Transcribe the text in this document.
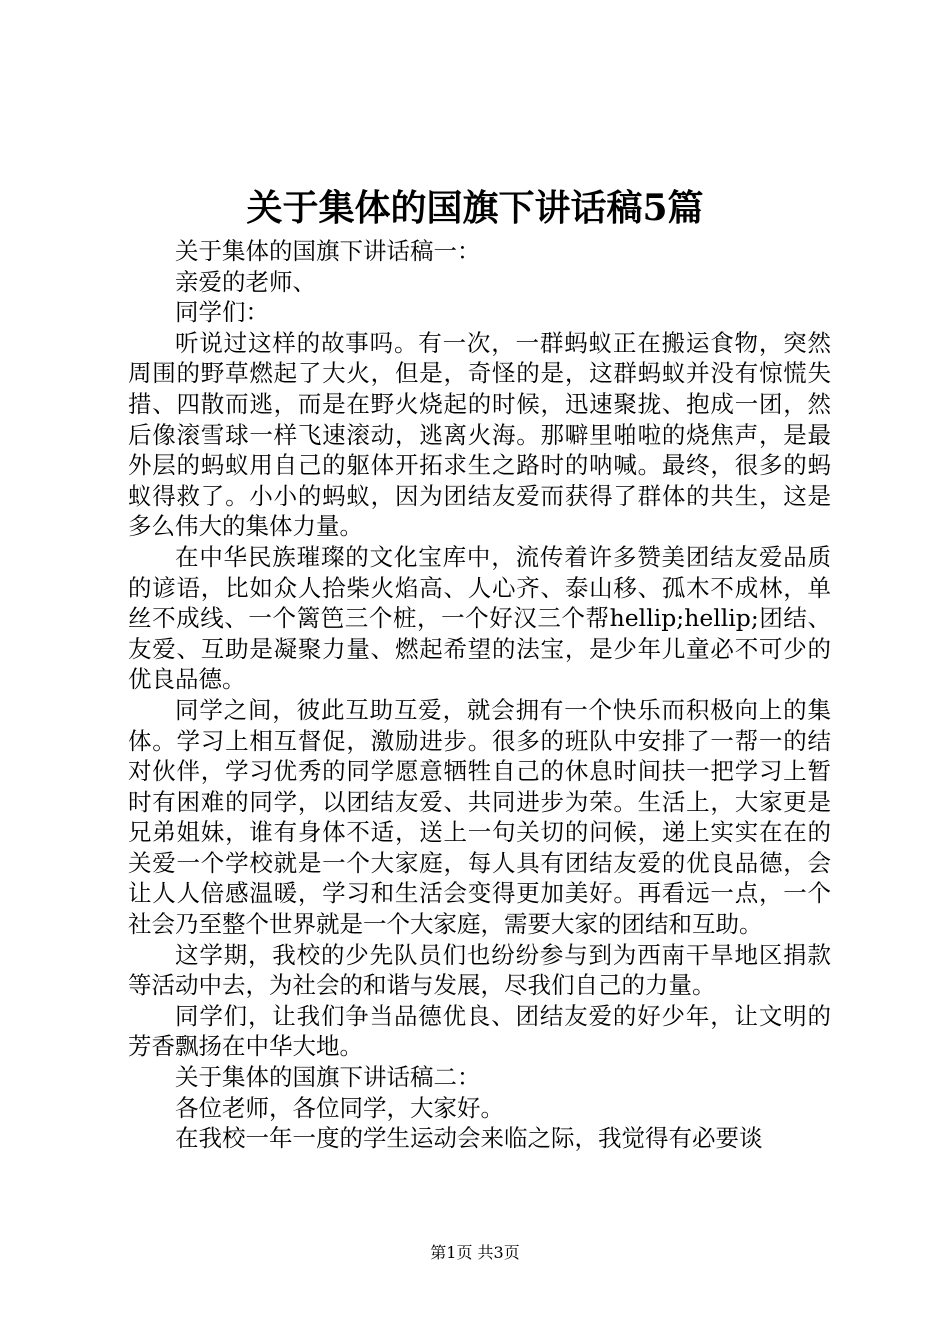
关于集体的国旗下讲话稿5篇

关于集体的国旗下讲话稿一：

亲爱的老师、

同学们：

听说过这样的故事吗。有一次，一群蚂蚁正在搬运食物，突然周围的野草燃起了大火，但是，奇怪的是，这群蚂蚁并没有惊慌失措、四散而逃，而是在野火烧起的时候，迅速聚拢、抱成一团，然后像滚雪球一样飞速滚动，逃离火海。那噼里啪啦的烧焦声，是最外层的蚂蚁用自己的躯体开拓求生之路时的呐喊。最终，很多的蚂蚁得救了。小小的蚂蚁，因为团结友爱而获得了群体的共生，这是多么伟大的集体力量。

在中华民族璀璨的文化宝库中，流传着许多赞美团结友爱品质的谚语，比如众人拾柴火焰高、人心齐、泰山移、孤木不成林，单丝不成线、一个篱笆三个桩，一个好汉三个帮hellip;hellip;团结、友爱、互助是凝聚力量、燃起希望的法宝，是少年儿童必不可少的优良品德。

同学之间，彼此互助互爱，就会拥有一个快乐而积极向上的集体。学习上相互督促，激励进步。很多的班队中安排了一帮一的结对伙伴，学习优秀的同学愿意牺牲自己的休息时间扶一把学习上暂时有困难的同学，以团结友爱、共同进步为荣。生活上，大家更是兄弟姐妹，谁有身体不适，送上一句关切的问候，递上实实在在的关爱一个学校就是一个大家庭，每人具有团结友爱的优良品德，会让人人倍感温暖，学习和生活会变得更加美好。再看远一点，一个社会乃至整个世界就是一个大家庭，需要大家的团结和互助。

这学期，我校的少先队员们也纷纷参与到为西南干旱地区捐款等活动中去，为社会的和谐与发展，尽我们自己的力量。

同学们，让我们争当品德优良、团结友爱的好少年，让文明的芳香飘扬在中华大地。

关于集体的国旗下讲话稿二：

各位老师，各位同学，大家好。

在我校一年一度的学生运动会来临之际，我觉得有必要谈

第1页 共3页
